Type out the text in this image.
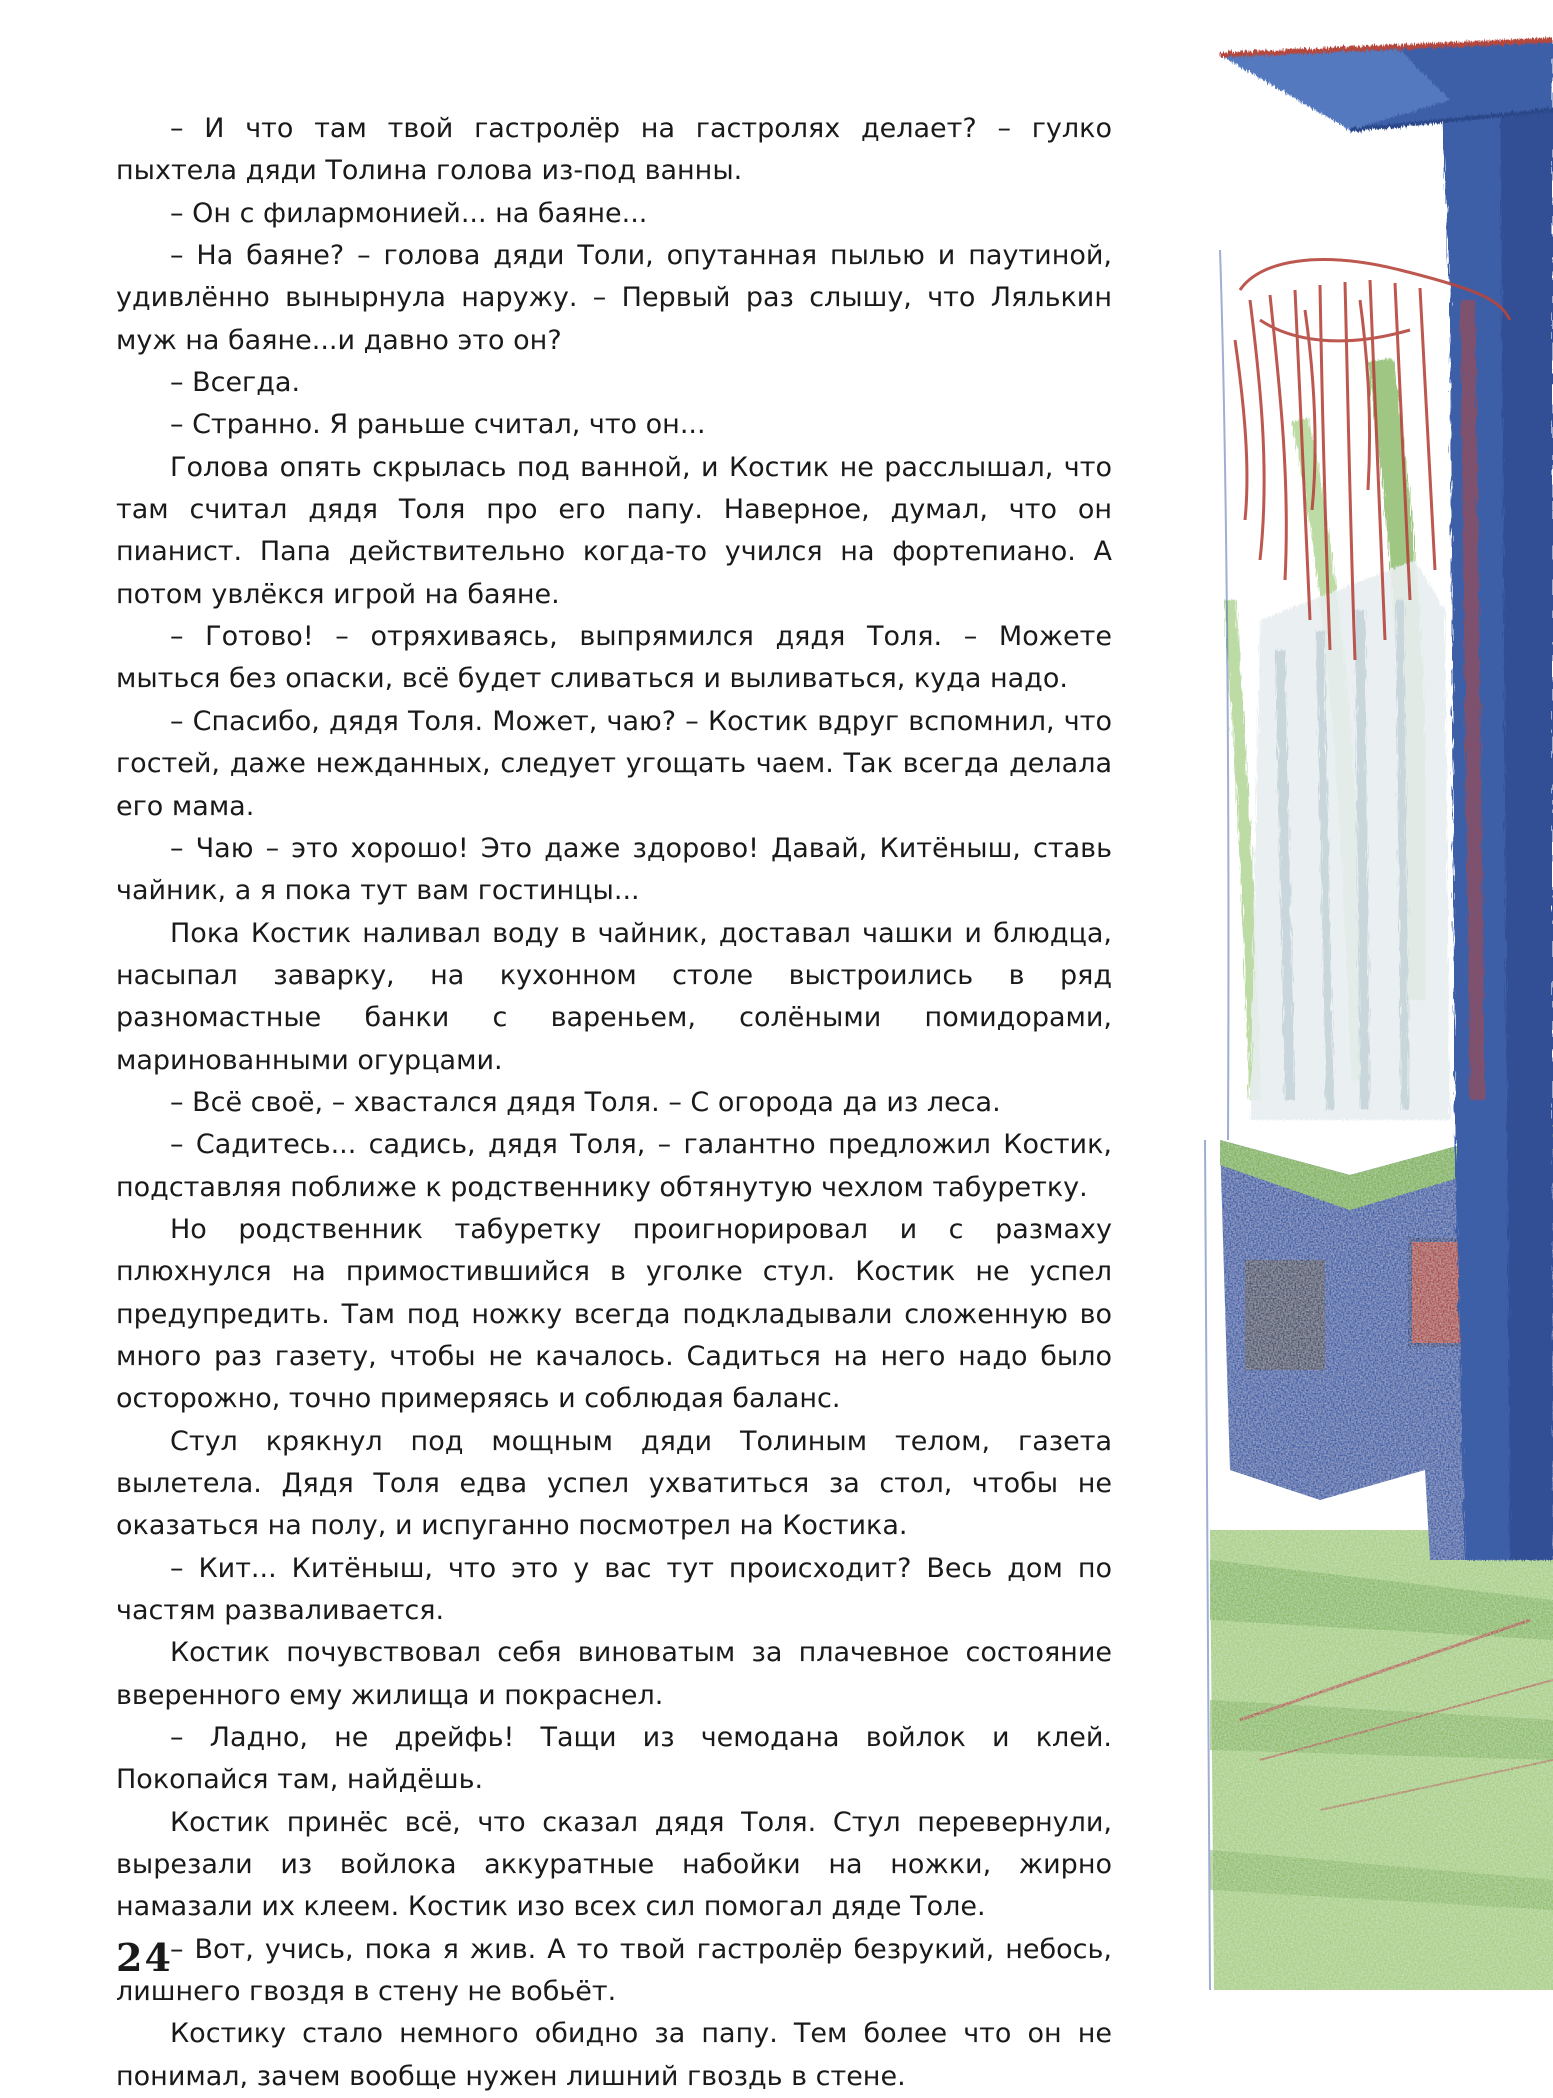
– И что там твой гастролёр на гастролях делает? – гулко пыхтела дяди Толина голова из-под ванны.

– Он с филармонией... на баяне...

– На баяне? – голова дяди Толи, опутанная пылью и паутиной, удивлённо вынырнула наружу. – Первый раз слышу, что Лялькин муж на баяне...и давно это он?

– Всегда.

– Странно. Я раньше считал, что он...

Голова опять скрылась под ванной, и Костик не расслышал, что там считал дядя Толя про его папу. Наверное, думал, что он пианист. Папа действительно когда-то учился на фортепиано. А потом увлёкся игрой на баяне.

– Готово! – отряхиваясь, выпрямился дядя Толя. – Можете мыться без опаски, всё будет сливаться и выливаться, куда надо.

– Спасибо, дядя Толя. Может, чаю? – Костик вдруг вспомнил, что гостей, даже нежданных, следует угощать чаем. Так всегда делала его мама.

– Чаю – это хорошо! Это даже здорово! Давай, Китёныш, ставь чайник, а я пока тут вам гостинцы...

Пока Костик наливал воду в чайник, доставал чашки и блюдца, насыпал заварку, на кухонном столе выстроились в ряд разномастные банки с вареньем, солёными помидорами, маринованными огурцами.

– Всё своё, – хвастался дядя Толя. – С огорода да из леса.

– Садитесь... садись, дядя Толя, – галантно предложил Костик, подставляя поближе к родственнику обтянутую чехлом табуретку.

Но родственник табуретку проигнорировал и с размаху плюхнулся на примостившийся в уголке стул. Костик не успел предупредить. Там под ножку всегда подкладывали сложенную во много раз газету, чтобы не качалось. Садиться на него надо было осторожно, точно примеряясь и соблюдая баланс.

Стул крякнул под мощным дяди Толиным телом, газета вылетела. Дядя Толя едва успел ухватиться за стол, чтобы не оказаться на полу, и испуганно посмотрел на Костика.

– Кит... Китёныш, что это у вас тут происходит? Весь дом по частям разваливается.

Костик почувствовал себя виноватым за плачевное состояние вверенного ему жилища и покраснел.

– Ладно, не дрейфь! Тащи из чемодана войлок и клей. Покопайся там, найдёшь.

Костик принёс всё, что сказал дядя Толя. Стул перевернули, вырезали из войлока аккуратные набойки на ножки, жирно намазали их клеем. Костик изо всех сил помогал дяде Толе.

– Вот, учись, пока я жив. А то твой гастролёр безрукий, небось, лишнего гвоздя в стену не вобьёт.

Костику стало немного обидно за папу. Тем более что он не понимал, зачем вообще нужен лишний гвоздь в стене.

24
